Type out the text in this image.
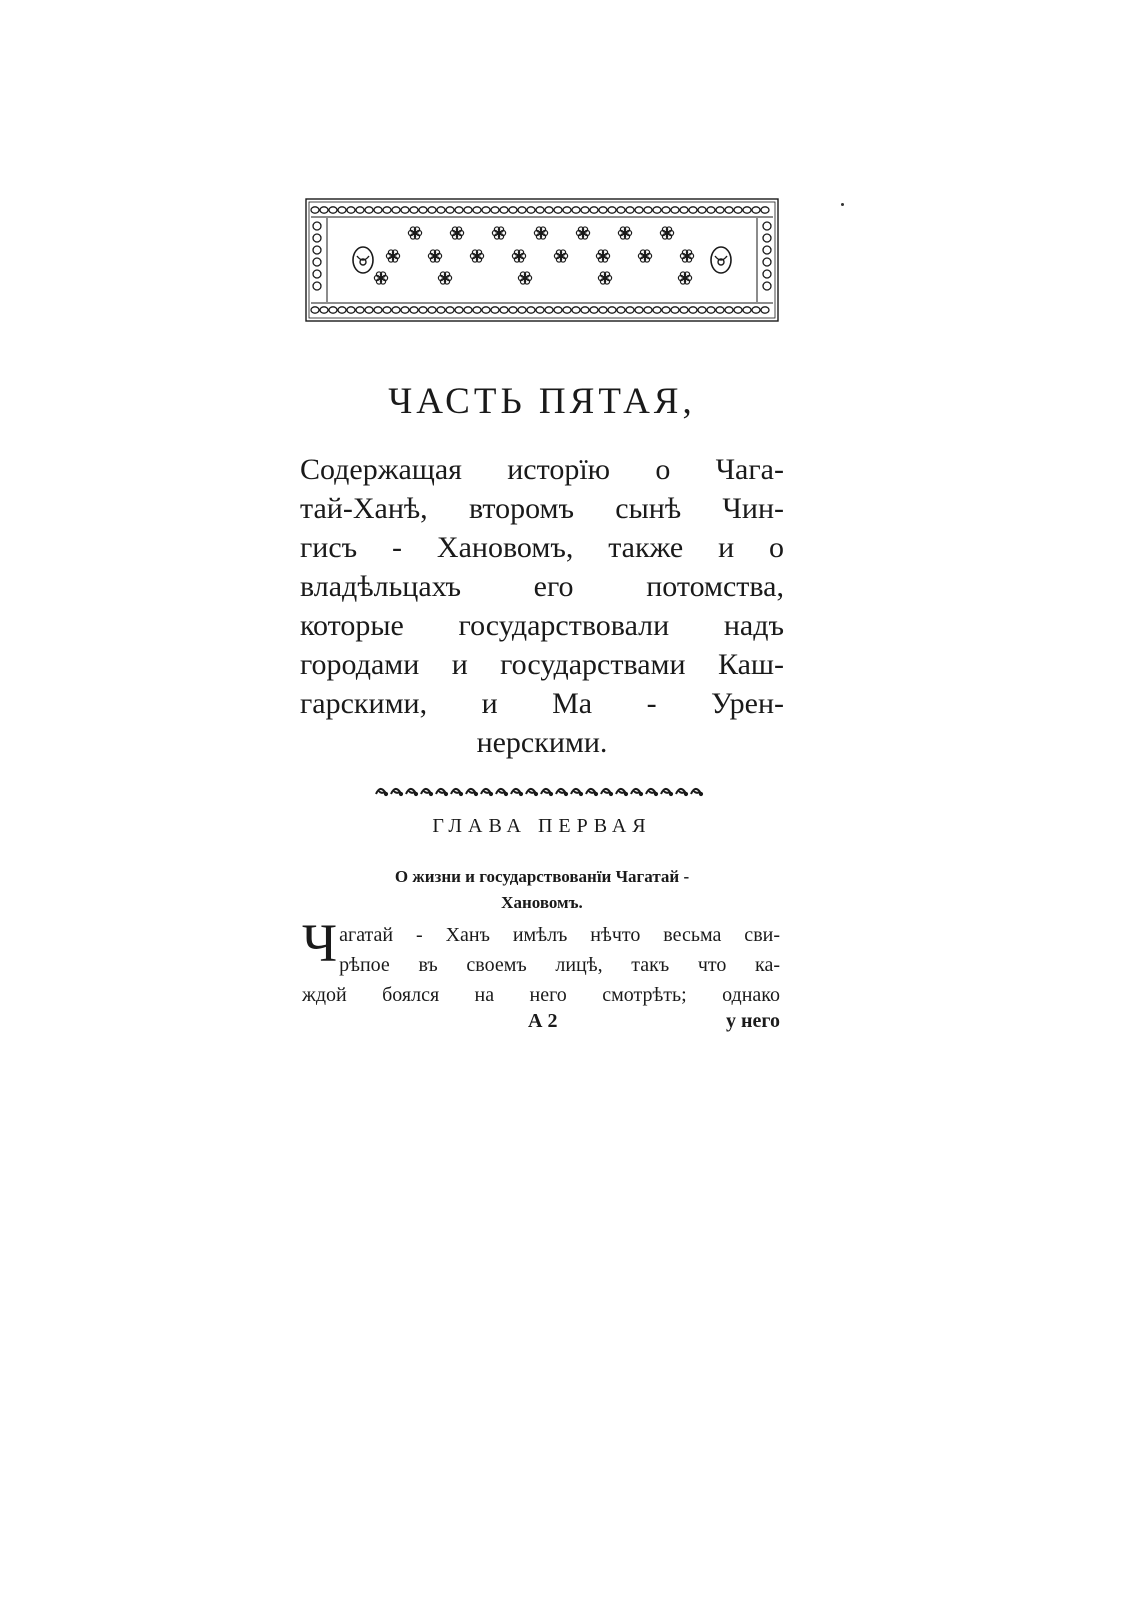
ЧАСТЬ ПЯТАЯ,
Содержащая исторїю о Чага-
тай-Ханѣ, второмъ сынѣ Чин-
гисъ - Хановомъ, также и о
владѣльцахъ его потомства,
которые государствовали надъ
городами и государствами Каш-
гарскими, и Ма - Урен-
нерскими.
ГЛАВА ПЕРВАЯ
О жизни и государствованїи Чагатай -
Хановомъ.
Ч агатай - Ханъ имѣлъ нѣчто весьма сви-
рѣпое въ своемъ лицѣ, такъ что ка-
ждой боялся на него смотрѣть; однако
А 2	у него
